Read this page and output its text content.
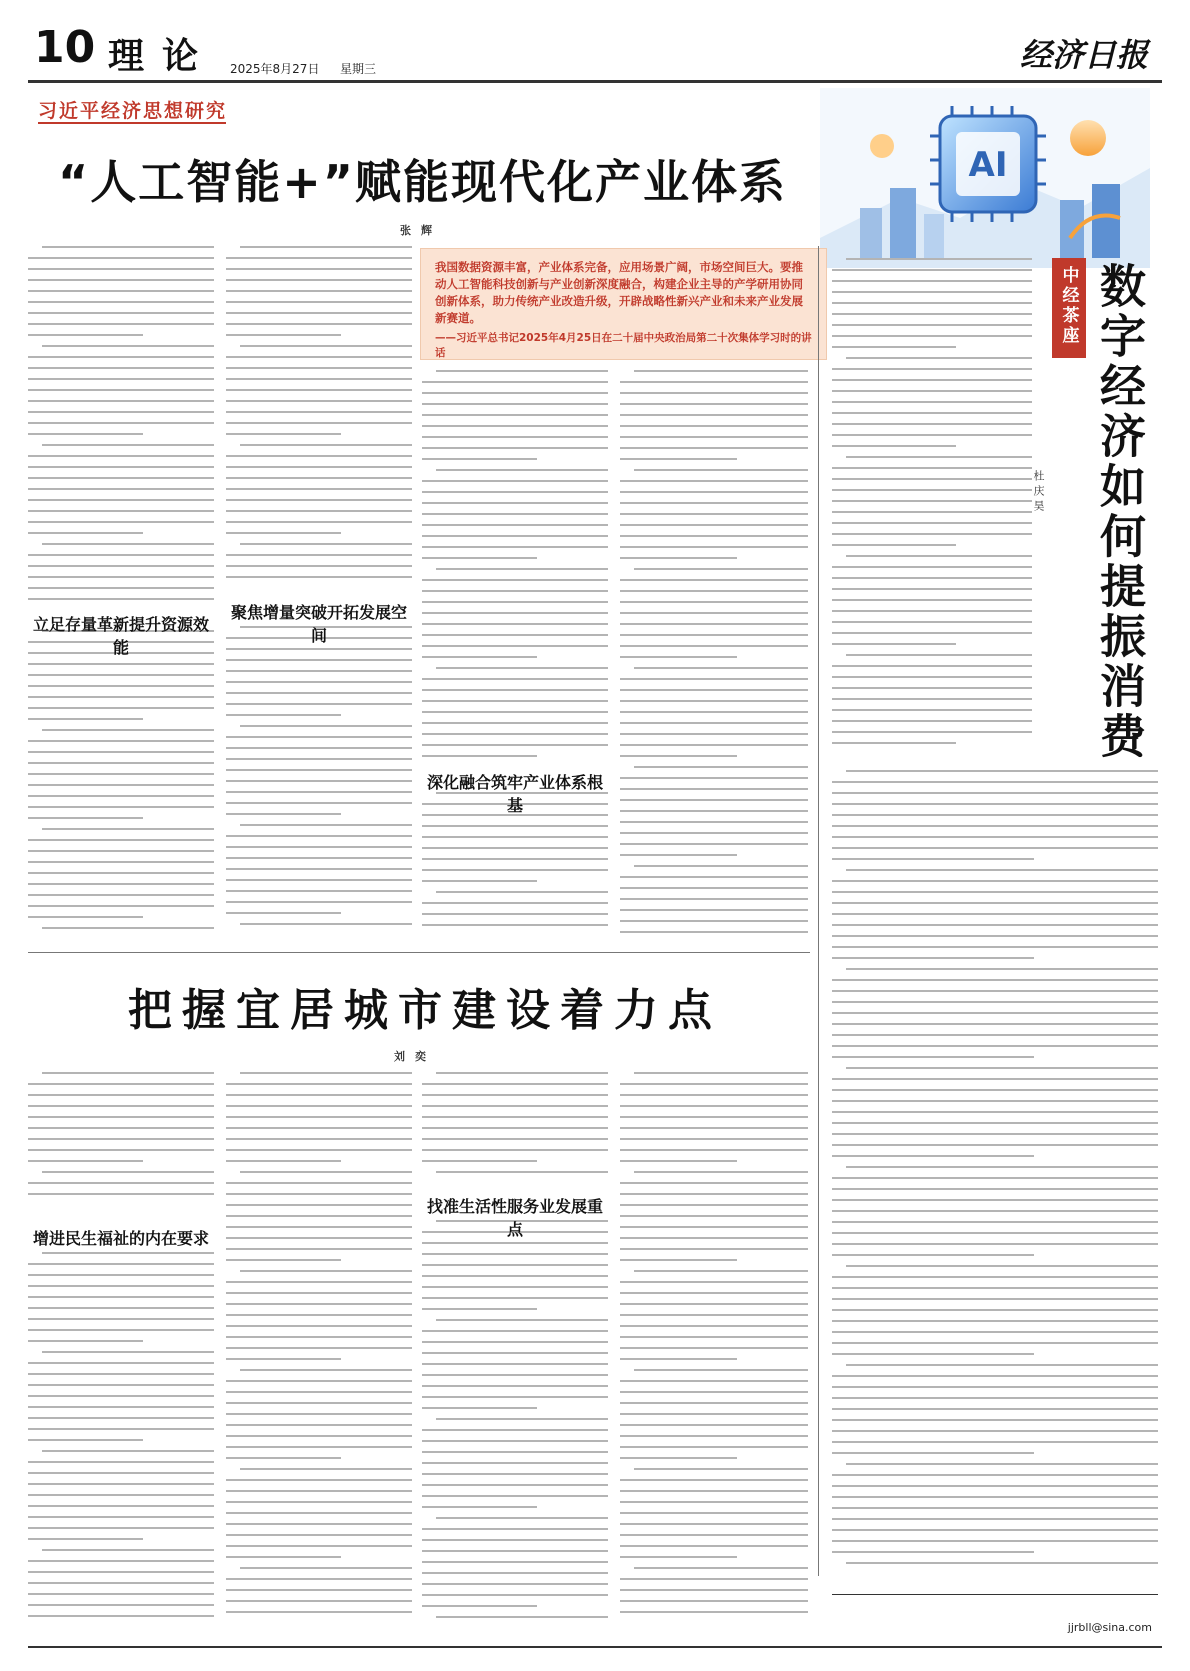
10 理论 2025年8月27日 星期三	经济日报
习近平经济思想研究
“人工智能+”赋能现代化产业体系	AI
张辉
我国数据资源丰富，产业体系完备，应用场景广阔，市场空间巨大。要推动人工智能科技创新与产业创新深度融合，构建企业主导的产学研用协同创新体系，助力传统产业改造升级，开辟战略性新兴产业和未来产业发展新赛道。
——习近平总书记2025年4月25日在二十届中央政治局第二十次集体学习时的讲话
立足存量革新提升资源效能
聚焦增量突破开拓发展空间
深化融合筑牢产业体系根基
中经茶座 数字经济如何提振消费
杜庆昊
把握宜居城市建设着力点
刘奕
增进民生福祉的内在要求
找准生活性服务业发展重点
jjrbll@sina.com
